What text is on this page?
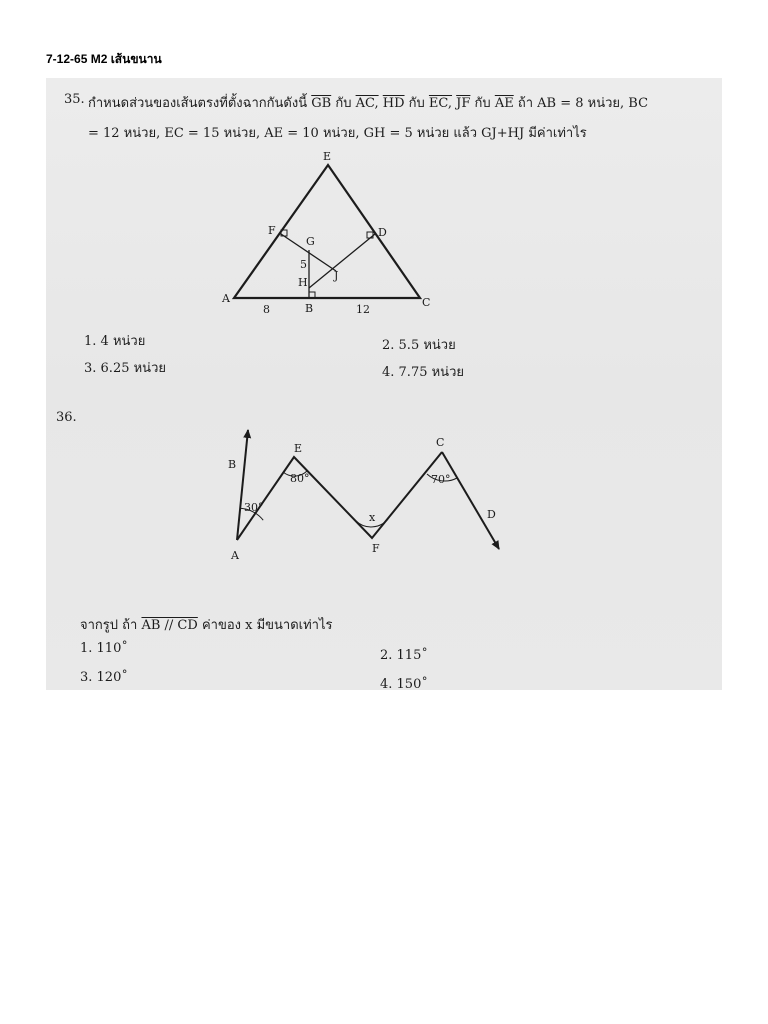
7-12-65 M2 เส้นขนาน
35. กำหนดส่วนของเส้นตรงที่ตั้งฉากกันดังนี้ $\overline{GB}$ กับ AC, $\overline{HD}$ กับ EC, $\overline{JF}$ กับ $\overline{AE}$ ถ้า AB = 8 หน่วย, BC
= 12 หน่วย, EC = 15 หน่วย, AE = 10 หน่วย, GH = 5 หน่วย แล้ว GJ+HJ มีค่าเท่าไร
1. 4 หน่วย	2. 5.5 หน่วย
3. 6.25 หน่วย	4. 7.75 หน่วย
36.
จากรูป ถ้า AB // CD ค่าของ x มีขนาดเท่าไร
1. 110˚	2. 115˚
3. 120˚	4. 150˚
E
F	D
G
5
J
H
A
B	C
8	12
B
A
E
F
C
D
30°
80°
x
70°
